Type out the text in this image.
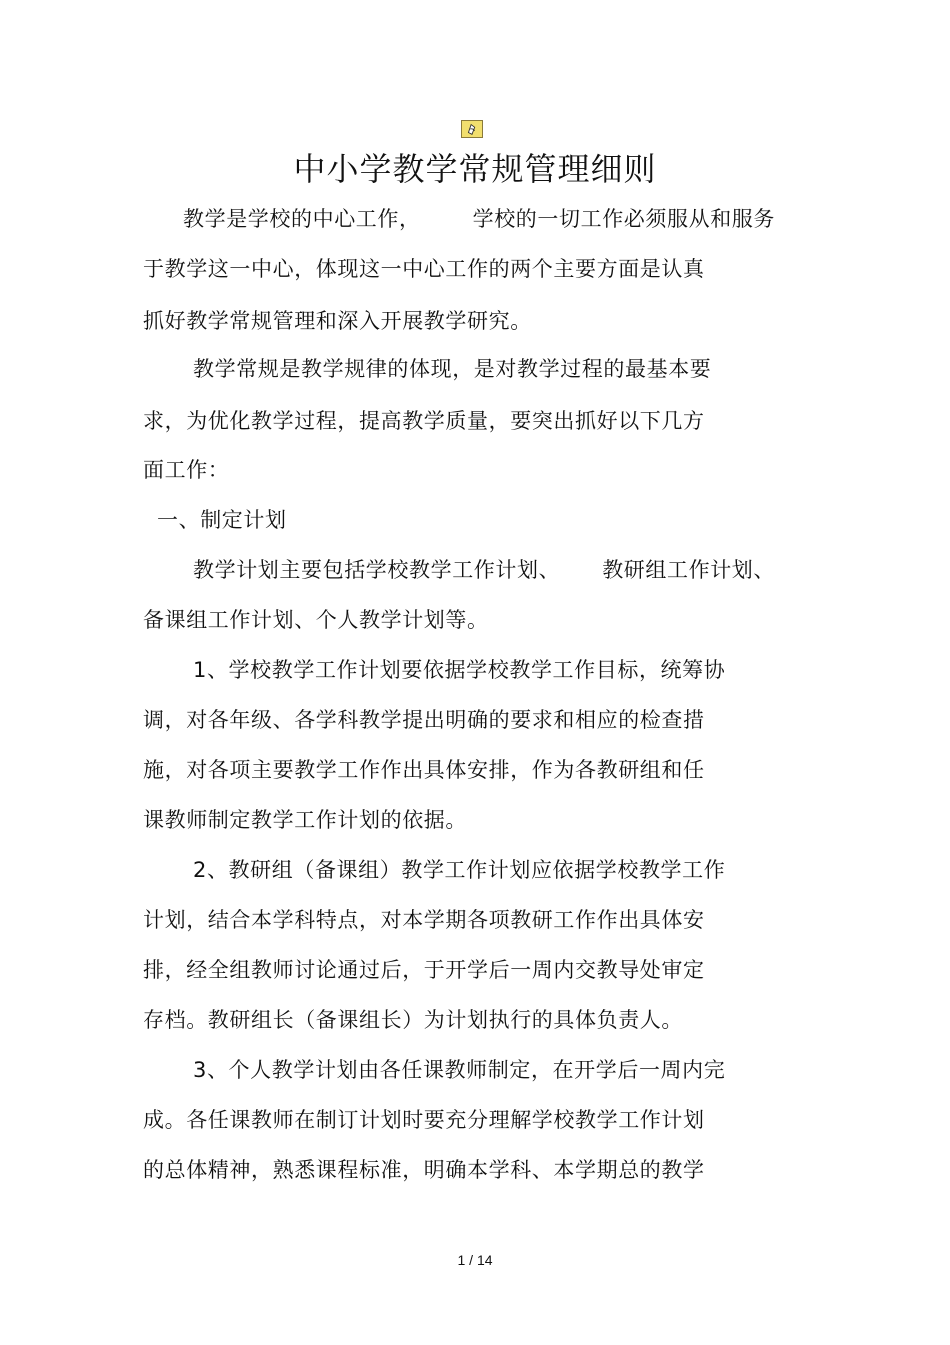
中小学教学常规管理细则
教学是学校的中心工作， 学校的一切工作必须服从和服务
于教学这一中心，体现这一中心工作的两个主要方面是认真
抓好教学常规管理和深入开展教学研究。
教学常规是教学规律的体现，是对教学过程的最基本要
求，为优化教学过程，提高教学质量，要突出抓好以下几方
面工作：
一、制定计划
教学计划主要包括学校教学工作计划、 教研组工作计划、
备课组工作计划、个人教学计划等。
1、学校教学工作计划要依据学校教学工作目标，统筹协
调，对各年级、各学科教学提出明确的要求和相应的检查措
施，对各项主要教学工作作出具体安排，作为各教研组和任
课教师制定教学工作计划的依据。
2、教研组（备课组）教学工作计划应依据学校教学工作
计划，结合本学科特点，对本学期各项教研工作作出具体安
排，经全组教师讨论通过后，于开学后一周内交教导处审定
存档。教研组长（备课组长）为计划执行的具体负责人。
3、个人教学计划由各任课教师制定，在开学后一周内完
成。各任课教师在制订计划时要充分理解学校教学工作计划
的总体精神，熟悉课程标准，明确本学科、本学期总的教学
1 / 14
